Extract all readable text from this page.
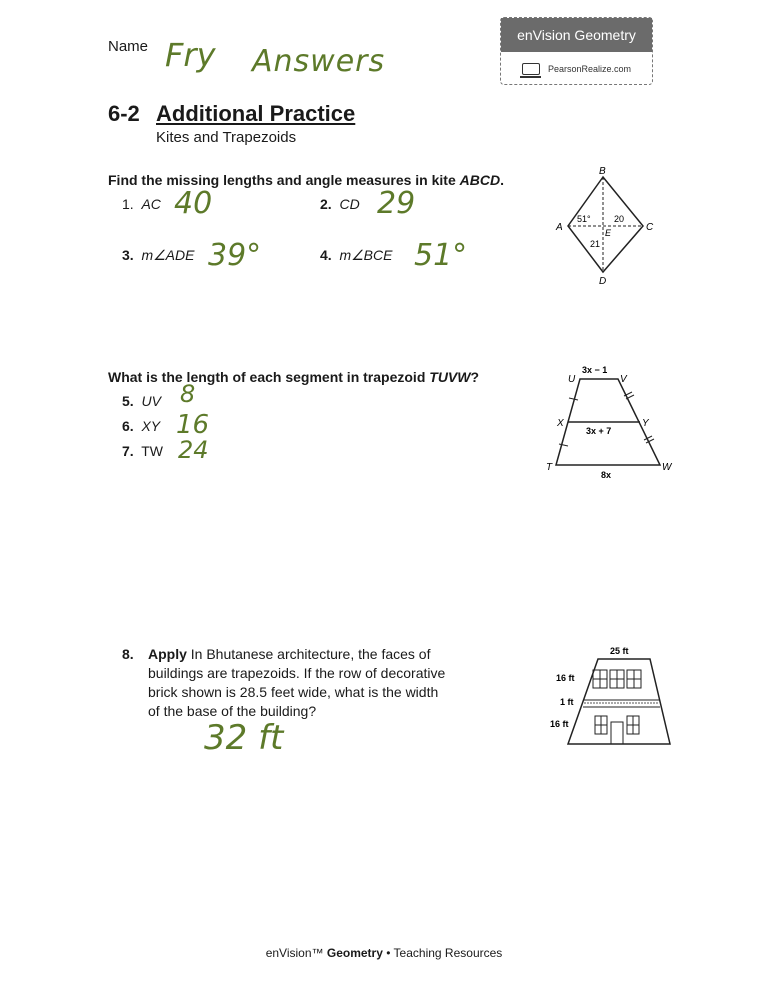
Name Fry Answers
enVision Geometry
PearsonRealize.com
6-2 Additional Practice
Kites and Trapezoids
Find the missing lengths and angle measures in kite ABCD.
1. AC 40	2. CD 29
3. m∠ADE 39°	4. m∠BCE 51°
B
A	C
D
E
51°	20
21
What is the length of each segment in trapezoid TUVW?
5. UV 8
6. XY 16
7. TW 24
U	V
X	Y
T	W
3x − 1
3x + 7
8x
8. Apply In Bhutanese architecture, the faces of
buildings are trapezoids. If the row of decorative
brick shown is 28.5 feet wide, what is the width
of the base of the building?
32 ft
25 ft
16 ft
1 ft
16 ft
enVision™ Geometry • Teaching Resources
